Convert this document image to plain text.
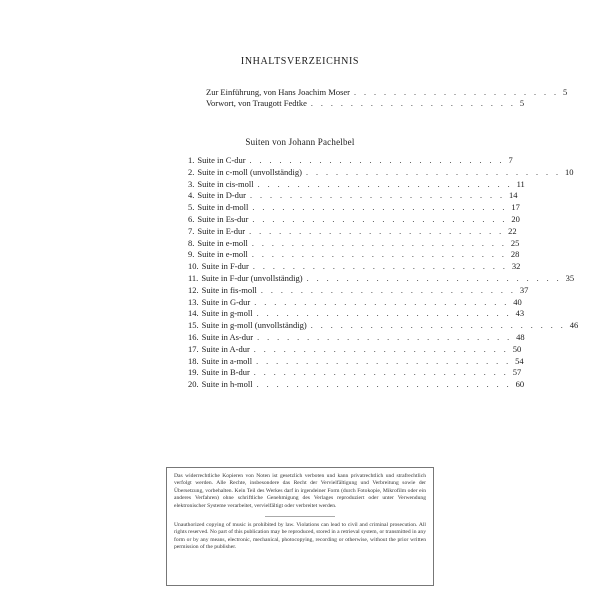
INHALTSVERZEICHNIS
Zur Einführung, von Hans Joachim Moser . . . . . . . . . . . . . . . . . . . . . 5
Vorwort, von Traugott Fedtke . . . . . . . . . . . . . . . . . . . . . 5
Suiten von Johann Pachelbel
1. Suite in C-dur . . . . . . . . . . . . . . . . . . . . . . . . . . 7
2. Suite in c-moll (unvollständig) . . . . . . . . . . . . . . . . . . . . . . . . . . 10
3. Suite in cis-moll . . . . . . . . . . . . . . . . . . . . . . . . . . 11
4. Suite in D-dur . . . . . . . . . . . . . . . . . . . . . . . . . . 14
5. Suite in d-moll . . . . . . . . . . . . . . . . . . . . . . . . . . 17
6. Suite in Es-dur . . . . . . . . . . . . . . . . . . . . . . . . . . 20
7. Suite in E-dur . . . . . . . . . . . . . . . . . . . . . . . . . . 22
8. Suite in e-moll . . . . . . . . . . . . . . . . . . . . . . . . . . 25
9. Suite in e-moll . . . . . . . . . . . . . . . . . . . . . . . . . . 28
10. Suite in F-dur . . . . . . . . . . . . . . . . . . . . . . . . . . 32
11. Suite in F-dur (unvollständig) . . . . . . . . . . . . . . . . . . . . . . . . . . 35
12. Suite in fis-moll . . . . . . . . . . . . . . . . . . . . . . . . . . 37
13. Suite in G-dur . . . . . . . . . . . . . . . . . . . . . . . . . . 40
14. Suite in g-moll . . . . . . . . . . . . . . . . . . . . . . . . . . 43
15. Suite in g-moll (unvollständig) . . . . . . . . . . . . . . . . . . . . . . . . . . 46
16. Suite in As-dur . . . . . . . . . . . . . . . . . . . . . . . . . . 48
17. Suite in A-dur . . . . . . . . . . . . . . . . . . . . . . . . . . 50
18. Suite in a-moll . . . . . . . . . . . . . . . . . . . . . . . . . . 54
19. Suite in B-dur . . . . . . . . . . . . . . . . . . . . . . . . . . 57
20. Suite in h-moll . . . . . . . . . . . . . . . . . . . . . . . . . . 60
Das widerrechtliche Kopieren von Noten ist gesetzlich verboten und kann privatrechtlich und strafrechtlich verfolgt werden. Alle Rechte, insbesondere das Recht der Vervielfältigung und Verbreitung sowie der Übersetzung, vorbehalten. Kein Teil des Werkes darf in irgendeiner Form (durch Fotokopie, Mikrofilm oder ein anderes Verfahren) ohne schriftliche Genehmigung des Verlages reproduziert oder unter Verwendung elektronischer Systeme verarbeitet, vervielfältigt oder verbreitet werden.
Unauthorized copying of music is prohibited by law. Violations can lead to civil and criminal prosecution. All rights reserved. No part of this publication may be reproduced, stored in a retrieval system, or transmitted in any form or by any means, electronic, mechanical, photocopying, recording or otherwise, without the prior written permission of the publisher.
